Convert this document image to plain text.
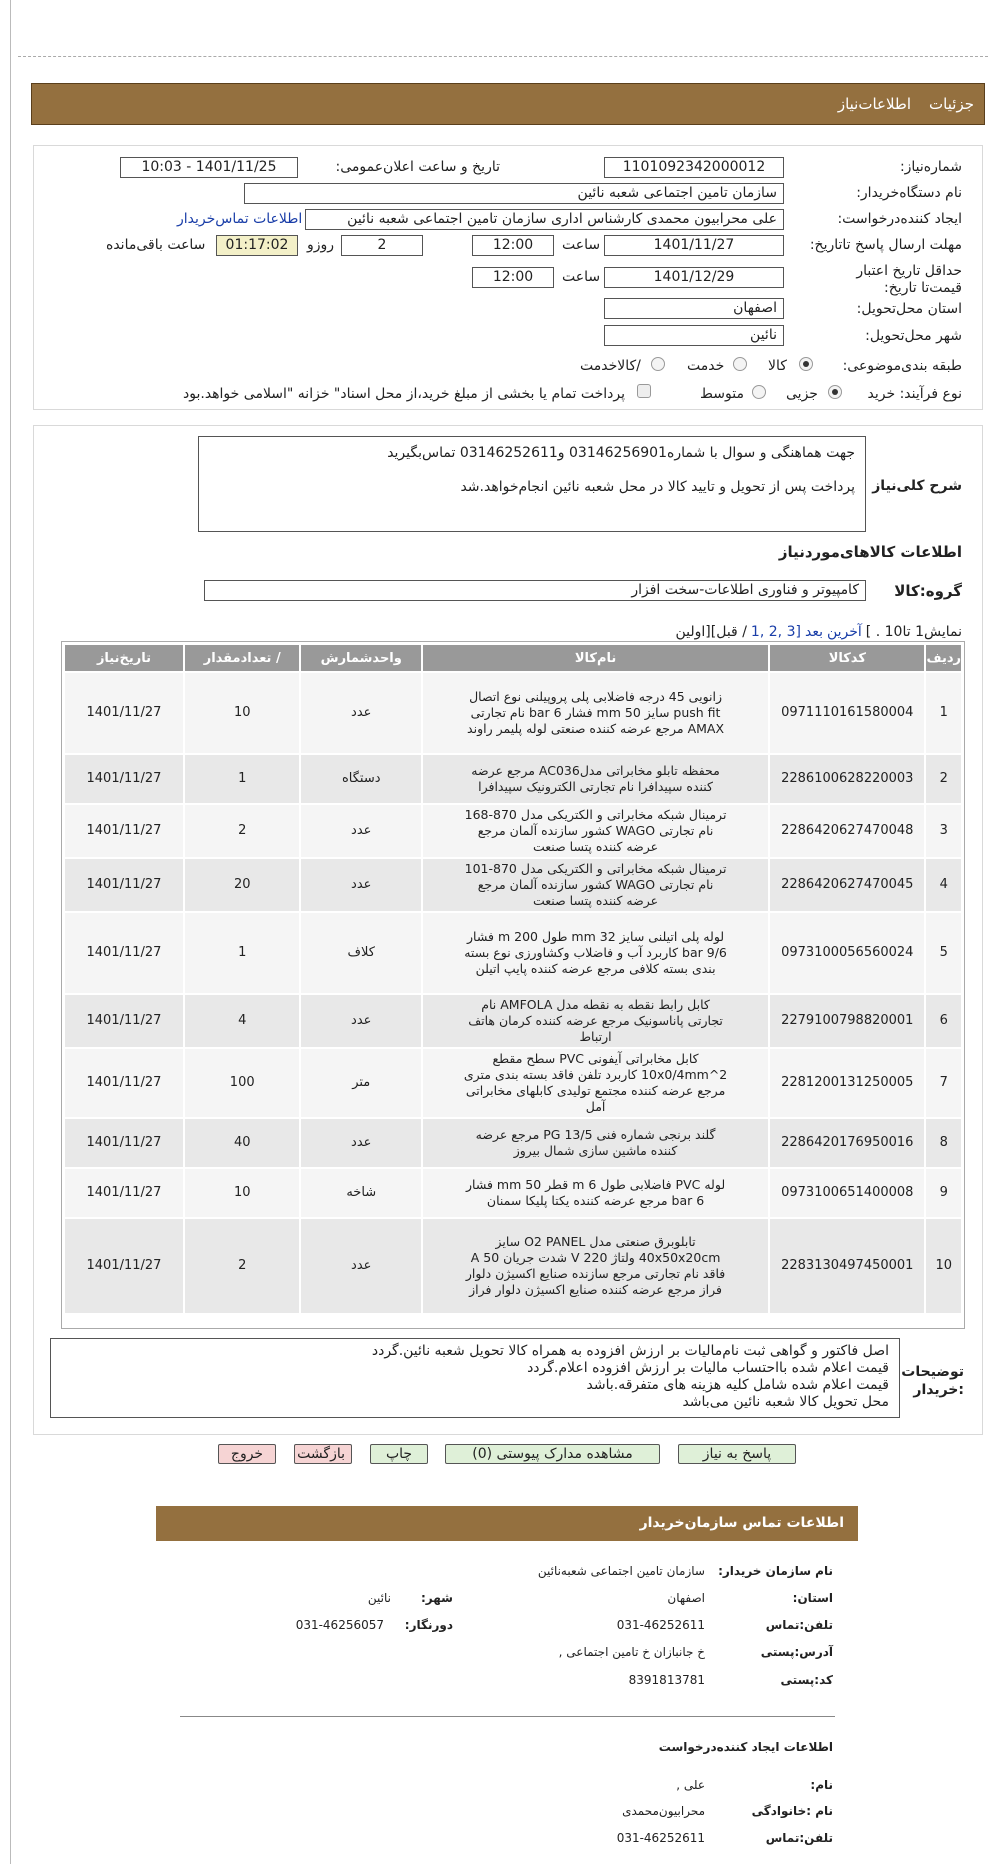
جزئیات
اطلاعات‌نیاز
شماره‌نیاز:
1101092342000012
تاریخ و ساعت اعلان‌عمومی:
1401/11/25 - 10:03
نام دستگاه‌خریدار:
سازمان تامین اجتماعی شعبه نائین
ایجاد کننده‌درخواست:
علی محرابیون محمدی کارشناس اداری سازمان تامین اجتماعی شعبه نائین
اطلاعات تماس‌خریدار
مهلت ارسال پاسخ تا‌تاریخ:
1401/11/27
ساعت
12:00
2
روزو
01:17:02
ساعت باقی‌مانده
حداقل تاریخ اعتبار قیمت‌تا تاریخ:
1401/12/29
ساعت
12:00
استان محل‌تحویل:
اصفهان
شهر محل‌تحویل:
نائین
طبقه بندی‌موضوعی:
کالا
خدمت
/کالاخدمت
نوع فرآیند: خرید
جزیی
متوسط
پرداخت تمام یا بخشی از مبلغ خرید،از محل اسناد" خزانه "اسلامی خواهد.بود
شرح کلی‌نیاز
جهت هماهنگی و سوال با شماره03146256901 و03146252611 تماس‌بگیرید
پرداخت پس از تحویل و تایید کالا در محل شعبه نائین انجام‌خواهد.شد
اطلاعات کالاهای‌موردنیاز
گروه:کالا
کامپیوتر و فناوری اطلاعات-سخت افزار
نمایش1 تا10 . ]
آخرین
بعد
[3 ,2 ,1
/ قبل][اولین
ردیف	کدکالا	نام‌کالا	واحدشمارش	/ تعدادمقدار	تاریخ‌نیاز
1	0971110161580004	زانویی 45 درجه فاضلابی پلی پروپیلنی نوع اتصال push fit سایز 50 mm فشار 6 bar نام تجارتی AMAX مرجع عرضه کننده صنعتی لوله پلیمر راوند	عدد	10	1401/11/27
2	2286100628220003	محفظه تابلو مخابراتی مدلAC036 مرجع عرضه کننده سپیدافرا نام تجارتی الکترونیک سپیدافرا	دستگاه	1	1401/11/27
3	2286420627470048	ترمینال شبکه مخابراتی و الکتریکی مدل 870-168 نام تجارتی WAGO کشور سازنده آلمان مرجع عرضه کننده پتسا صنعت	عدد	2	1401/11/27
4	2286420627470045	ترمینال شبکه مخابراتی و الکتریکی مدل 870-101 نام تجارتی WAGO کشور سازنده آلمان مرجع عرضه کننده پتسا صنعت	عدد	20	1401/11/27
5	0973100056560024	لوله پلی اتیلنی سایز 32 mm طول 200 m فشار 9/6 bar کاربرد آب و فاضلاب وکشاورزی نوع بسته بندی بسته کلافی مرجع عرضه کننده پایپ اتیلن	کلاف	1	1401/11/27
6	2279100798820001	کابل رابط نقطه به نقطه مدل AMFOLA نام تجارتی پاناسونیک مرجع عرضه کننده کرمان هاتف ارتباط	عدد	4	1401/11/27
7	2281200131250005	کابل مخابراتی آیفونی PVC سطح مقطع 10x0/4mm^2 کاربرد تلفن فاقد بسته بندی متری مرجع عرضه کننده مجتمع تولیدی کابلهای مخابراتی آمل	متر	100	1401/11/27
8	2286420176950016	گلند برنجی شماره فنی PG 13/5 مرجع عرضه کننده ماشین سازی شمال بیروز	عدد	40	1401/11/27
9	0973100651400008	لوله PVC فاضلابی طول 6 m قطر 50 mm فشار 6 bar مرجع عرضه کننده یکتا پلیکا سمنان	شاخه	10	1401/11/27
10	2283130497450001	تابلوبرق صنعتی مدل O2 PANEL سایز 40x50x20cm ولتاژ 220 V شدت جریان 50 A فاقد نام تجارتی مرجع سازنده صنایع اکسیژن دلوار فراز مرجع عرضه کننده صنایع اکسیژن دلوار فراز	عدد	2	1401/11/27
توضیحات :خریدار
اصل فاکتور و گواهی ثبت نام‌مالیات بر ارزش افزوده به همراه کالا تحویل شعبه نائین.گردد
قیمت اعلام شده بااحتساب مالیات بر ارزش افزوده اعلام.گردد
قیمت اعلام شده شامل کلیه هزینه های متفرقه.باشد
محل تحویل کالا شعبه نائین می‌باشد
پاسخ به نیاز
مشاهده مدارک پیوستی (0)
چاپ
بازگشت
خروج
اطلاعات تماس سازمان‌خریدار
نام سازمان‌ خریدار:
سازمان تامین اجتماعی شعبه‌نائین
استان:
اصفهان
شهر:
نائین
تلفن:تماس
031-46252611
دورنگار:
031-46256057
آدرس:پستی
خ جانبازان خ تامین اجتماعی ,
کد:پستی
8391813781
اطلاعات ایجاد کننده‌درخواست
نام:
علی ,
نام :خانوادگی
محرابیون‌محمدی
تلفن:تماس
031-46252611
